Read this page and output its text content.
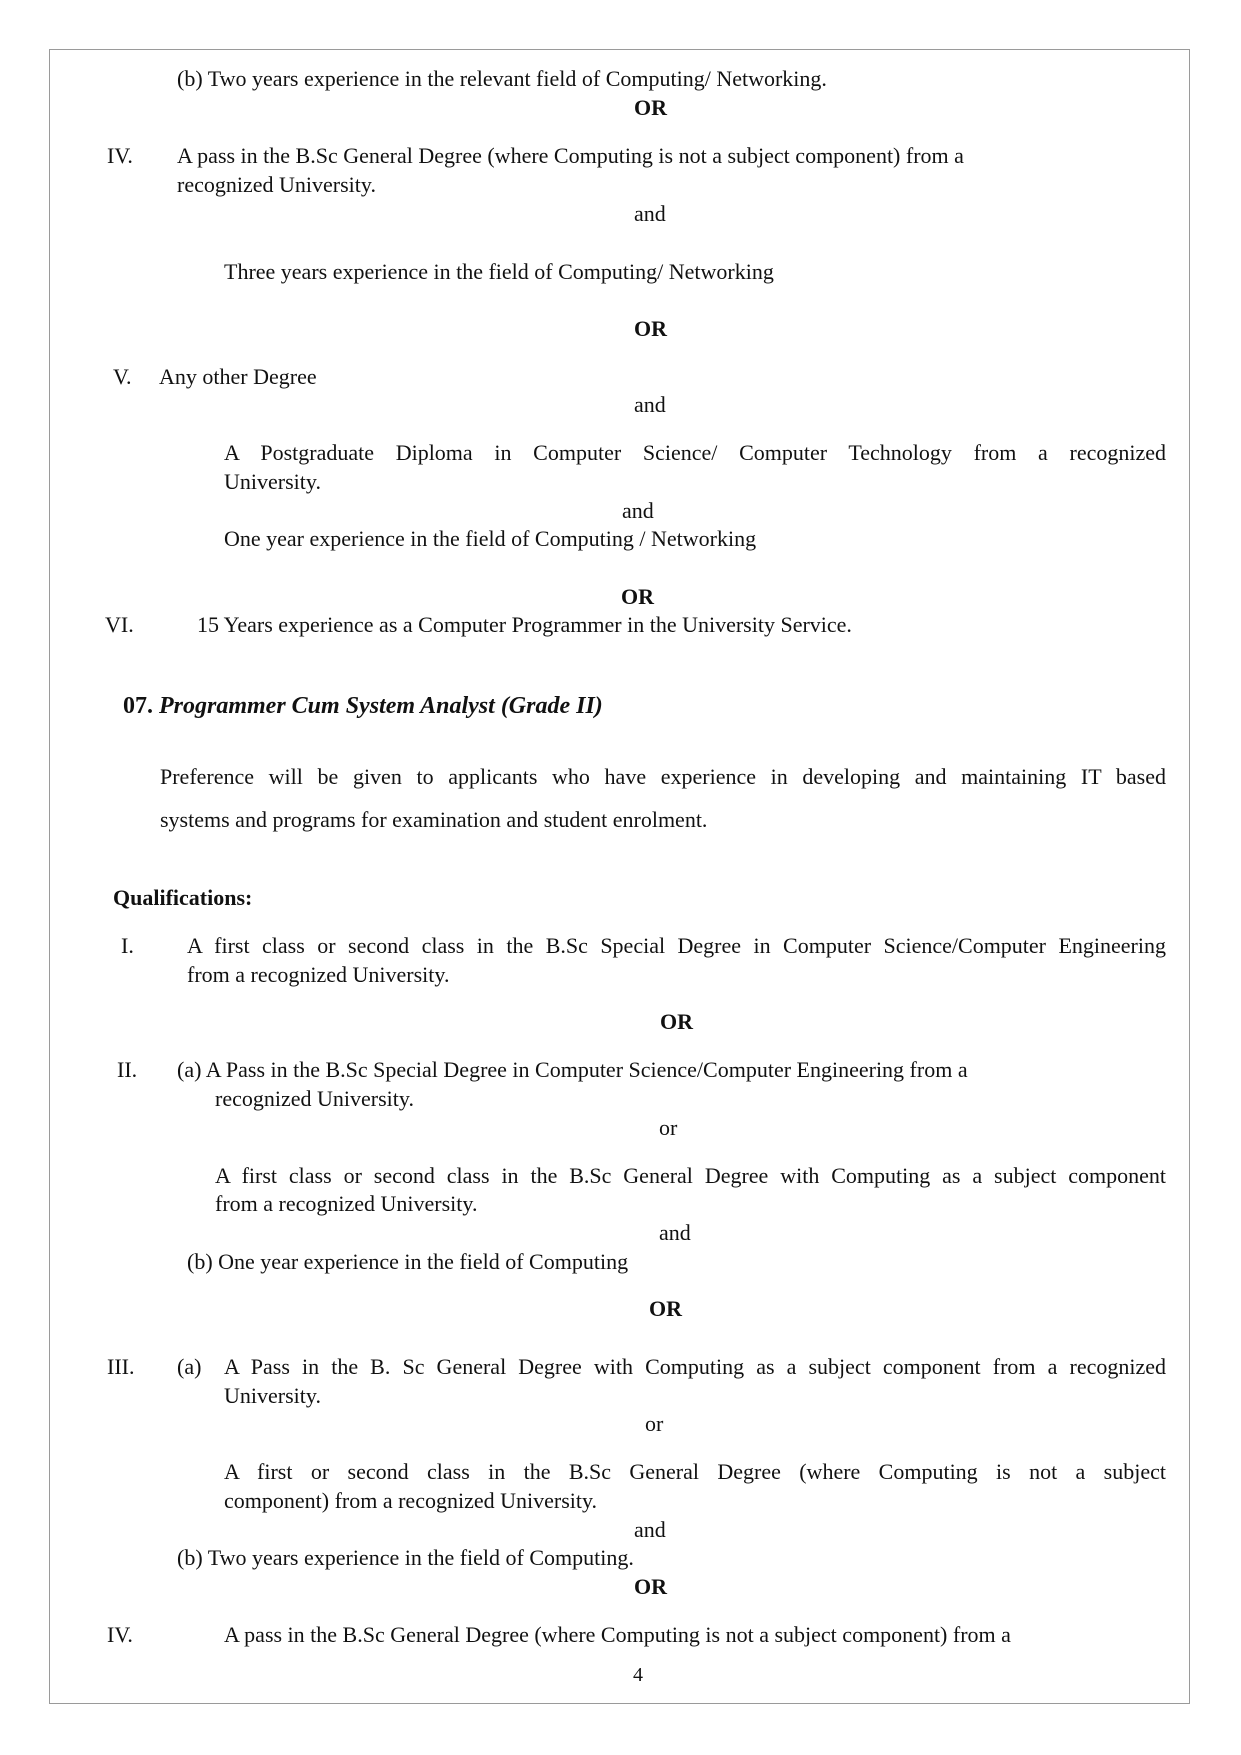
(b) Two years experience in the relevant field of Computing/ Networking.
OR
IV. A pass in the B.Sc General Degree (where Computing is not a subject component) from a
recognized University.
and
Three years experience in the field of Computing/ Networking
OR
V. Any other Degree
and
A Postgraduate Diploma in Computer Science/ Computer Technology from a recognized
University.
and
One year experience in the field of Computing / Networking
OR
VI.	15 Years experience as a Computer Programmer in the University Service.
07. Programmer Cum System Analyst (Grade II)
Preference will be given to applicants who have experience in developing and maintaining IT based
systems and programs for examination and student enrolment.
Qualifications:
I. A first class or second class in the B.Sc Special Degree in Computer Science/Computer Engineering
from a recognized University.
OR
II. (a) A Pass in the B.Sc Special Degree in Computer Science/Computer Engineering from a
recognized University.
or
A first class or second class in the B.Sc General Degree with Computing as a subject component
from a recognized University.
and
(b) One year experience in the field of Computing
OR
III. (a) A Pass in the B. Sc General Degree with Computing as a subject component from a recognized
University.
or
A first or second class in the B.Sc General Degree (where Computing is not a subject
component) from a recognized University.
and
(b) Two years experience in the field of Computing.
OR
IV.	A pass in the B.Sc General Degree (where Computing is not a subject component) from a
4
